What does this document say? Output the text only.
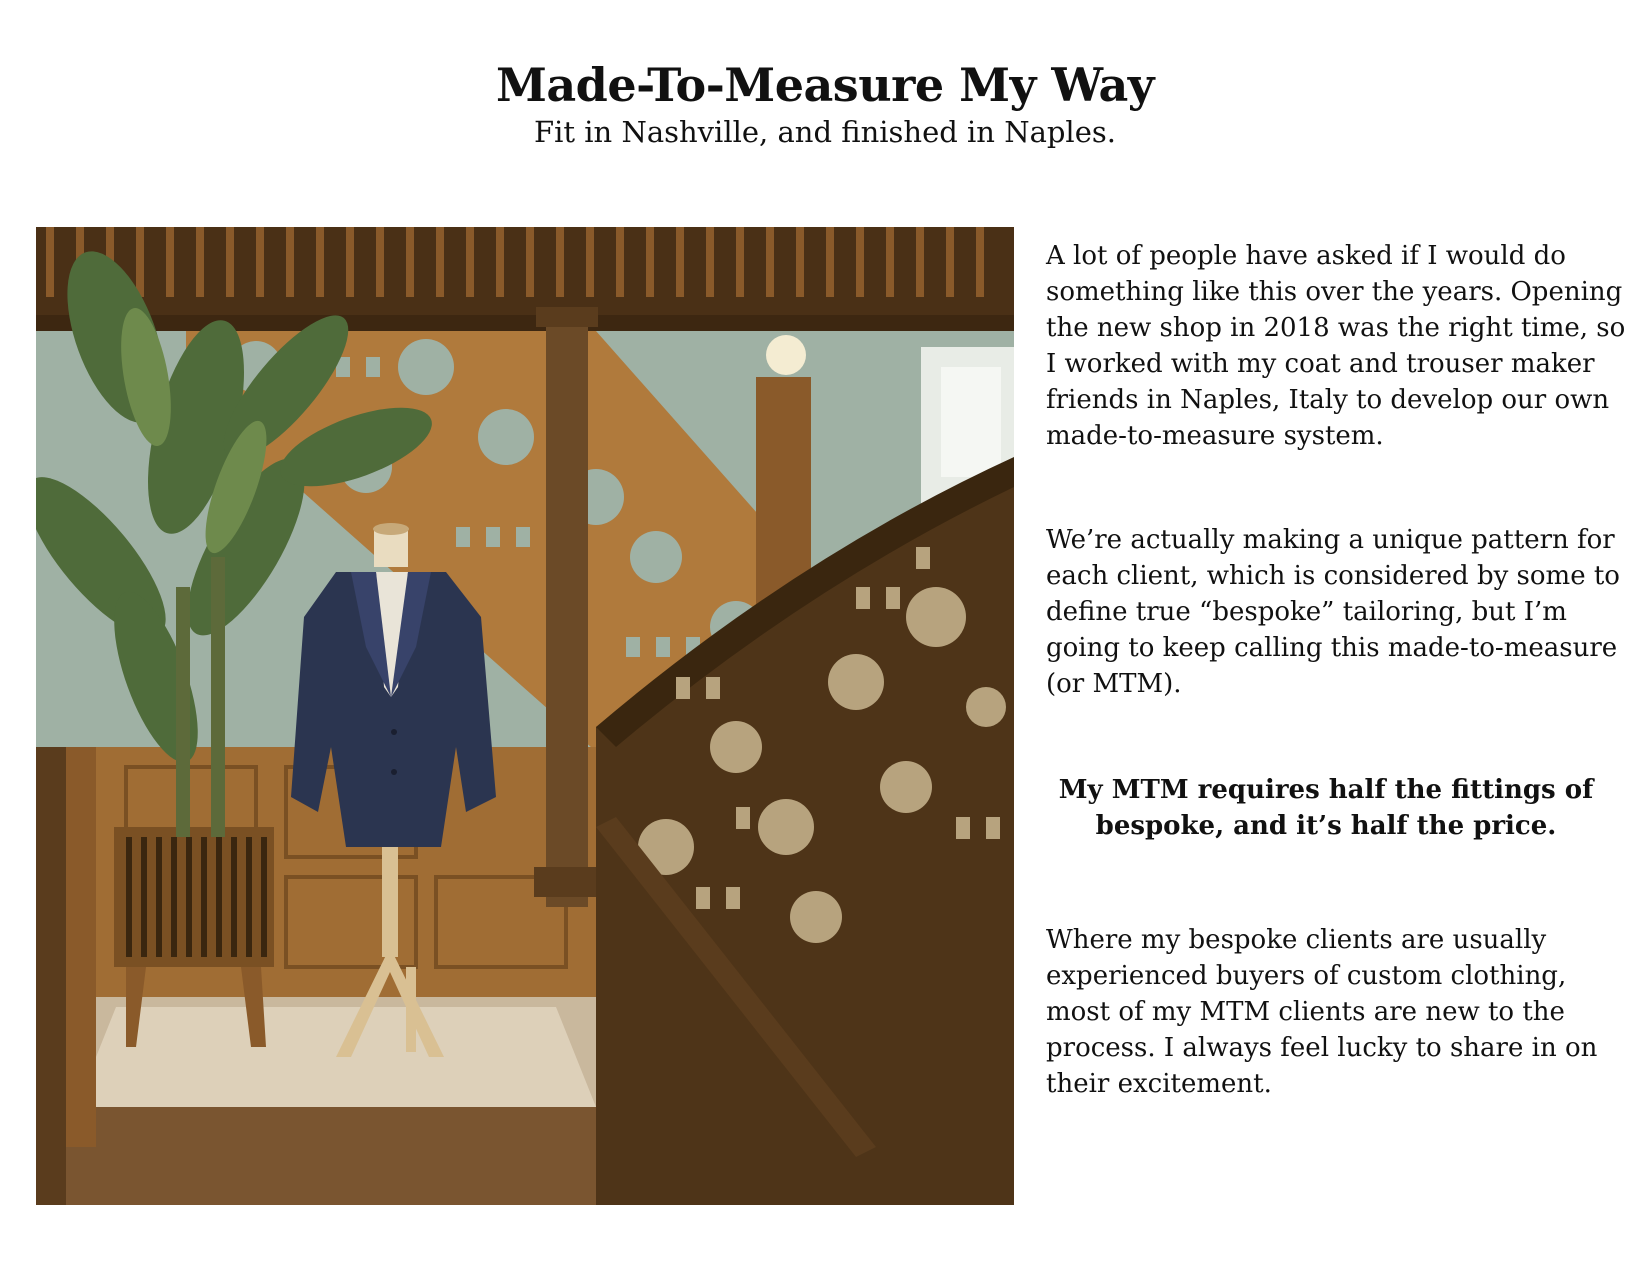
Made-To-Measure My Way

Fit in Nashville, and finished in Naples.

A lot of people have asked if I would do something like this over the years. Opening the new shop in 2018 was the right time, so I worked with my coat and trouser maker friends in Naples, Italy to develop our own made-to-measure system.

We’re actually making a unique pattern for each client, which is considered by some to define true “bespoke” tailoring, but I’m going to keep calling this made-to-measure (or MTM).

My MTM requires half the fittings of bespoke, and it’s half the price.

Where my bespoke clients are usually experienced buyers of custom clothing, most of my MTM clients are new to the process. I always feel lucky to share in on their excitement.
